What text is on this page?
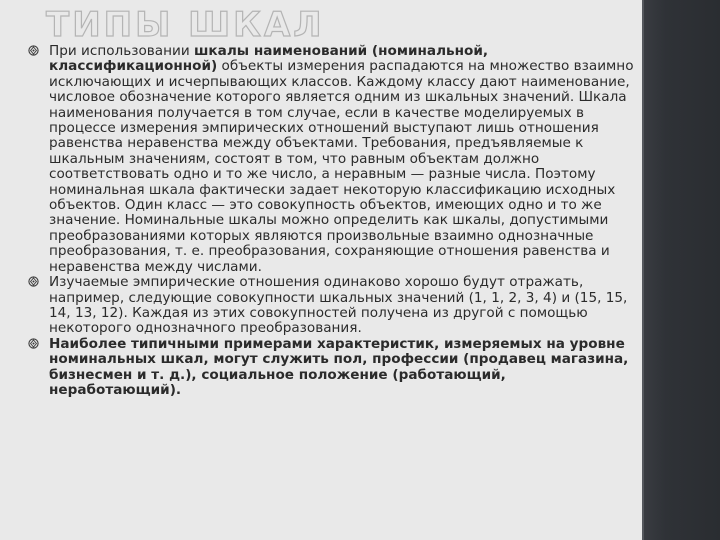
ТИПЫ ШКАЛ
При использовании шкалы наименований (номинальной, классификационной) объекты измерения распадаются на множество взаимно исключающих и исчерпывающих классов. Каждому классу дают наименование, числовое обозначение которого является одним из шкальных значений. Шкала наименования получается в том случае, если в качестве моделируемых в процессе измерения эмпирических отношений выступают лишь отношения равенства неравенства между объектами. Требования, предъявляемые к шкальным значениям, состоят в том, что равным объектам должно соответствовать одно и то же число, а неравным — разные числа. Поэтому номинальная шкала фактически задает некоторую классификацию исходных объектов. Один класс — это совокупность объектов, имеющих одно и то же значение. Номинальные шкалы можно определить как шкалы, допустимыми преобразованиями которых являются произвольные взаимно однозначные преобразования, т. е. преобразования, сохраняющие отношения равенства и неравенства между числами.
Изучаемые эмпирические отношения одинаково хорошо будут отражать, например, следующие совокупности шкальных значений (1, 1, 2, 3, 4) и (15, 15, 14, 13, 12). Каждая из этих совокупностей получена из другой с помощью некоторого однозначного преобразования.
Наиболее типичными примерами характеристик, измеряемых на уровне номинальных шкал, могут служить пол, профессии (продавец магазина, бизнесмен и т. д.), социальное положение (работающий, неработающий).
